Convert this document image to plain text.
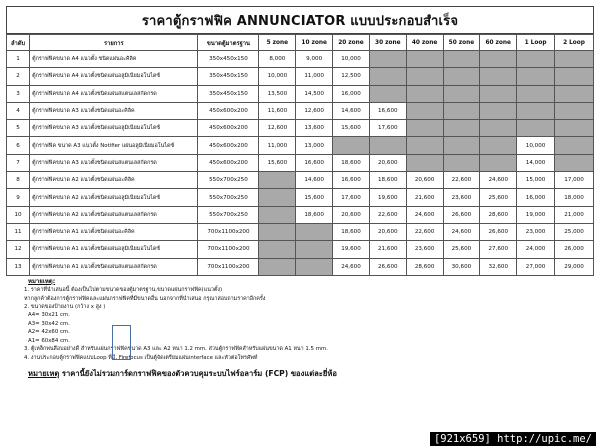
ราคาตู้กราฟฟิค ANNUNCIATOR แบบประกอบสำเร็จ
ลำดับ	รายการ	ขนาดตู้มาตรฐาน	5 zone	10 zone	20 zone	30 zone	40 zone	50 zone	60 zone	1 Loop	2 Loop
1	ตู้กราฟฟิคขนาด A4 แนวตั้ง ชนิดแผ่นอะคิลิค	350x450x150	8,000	9,000	10,000						
2	ตู้กราฟฟิคขนาด A4 แนวตั้งชนิดแผ่นอลูมิเนียมอโนไดซ์	350x450x150	10,000	11,000	12,500						
3	ตู้กราฟฟิคขนาด A4 แนวตั้งชนิดแผ่นสแตนเลสกัดกรด	350x450x150	13,500	14,500	16,000						
4	ตู้กราฟฟิคขนาด A3 แนวตั้งชนิดแผ่นอะคิลิค	450x600x200	11,600	12,600	14,600	16,600					
5	ตู้กราฟฟิคขนาด A3 แนวตั้งชนิดแผ่นอลูมิเนียมอโนไดซ์	450x600x200	12,600	13,600	15,600	17,600					
6	ตู้กราฟฟิค ขนาด A3 แนวตั้ง Notifier แผ่นอลูมิเนียมอโนไดซ์	450x600x200	11,000	13,000						10,000	
7	ตู้กราฟฟิคขนาด A3 แนวตั้งชนิดแผ่นสแตนเลสกัดกรด	450x600x200	15,600	16,600	18,600	20,600				14,000	
8	ตู้กราฟฟิคขนาด A2 แนวตั้งชนิดแผ่นอะคิลิค	550x700x250		14,600	16,600	18,600	20,600	22,600	24,600	15,000	17,000
9	ตู้กราฟฟิคขนาด A2 แนวตั้งชนิดแผ่นอลูมิเนียมอโนไดซ์	550x700x250		15,600	17,600	19,600	21,600	23,600	25,600	16,000	18,000
10	ตู้กราฟฟิคขนาด A2 แนวตั้งชนิดแผ่นสแตนเลสกัดกรด	550x700x250		18,600	20,600	22,600	24,600	26,600	28,600	19,000	21,000
11	ตู้กราฟฟิคขนาด A1 แนวตั้งชนิดแผ่นอะคิลิค	700x1100x200			18,600	20,600	22,600	24,600	26,600	23,000	25,000
12	ตู้กราฟฟิคขนาด A1 แนวตั้งชนิดแผ่นอลูมิเนียมอโนไดซ์	700x1100x200			19,600	21,600	23,600	25,600	27,600	24,000	26,000
13	ตู้กราฟฟิคขนาด A1 แนวตั้งชนิดแผ่นสแตนเลสกัดกรด	700x1100x200			24,600	26,600	28,600	30,600	32,600	27,000	29,000
หมายเหตุ:
1. ราคาที่นำเสนอนี้ ต้องเป็นไปตามขนาดของตู้มาตรฐาน,ขนาดแผ่นกราฟฟิค(แนวตั้ง)
หากลูกค้าต้องการตู้กราฟฟิคและแผ่นกราฟฟิคที่มีขนาดอื่น นอกจากที่นำเสนอ กรุณาสอบถามราคาอีกครั้ง
2. ขนาดของป้ายงาน (กว้าง x สูง )
A4= 30x21 cm.
A3= 30x42 cm.
A2= 42x60 cm.
A1= 60x84 cm.
3. ตู้เหล็กพ่นสีอบอย่างดี สำหรับแผ่นกราฟฟิคขนาด A3 และ A2 หนา 1.2 mm. ส่วนตู้กราฟฟิคสำหรับแผ่นขนาด A1 หนา 1.5 mm.
4. งานประกอบตู้กราฟฟิคแบบLoop ที่มี, Firefocus เป็นตู้จัดเตรียมแผ่นinterface และหัวต่อโทรศัพท์
หมายเหตุ ราคานี้ยังไม่รวมการ์ดกราฟฟิคของตัวควบคุมระบบไฟร์อลาร์ม (FCP) ของแต่ละยี่ห้อ
[921x659] http://upic.me/
